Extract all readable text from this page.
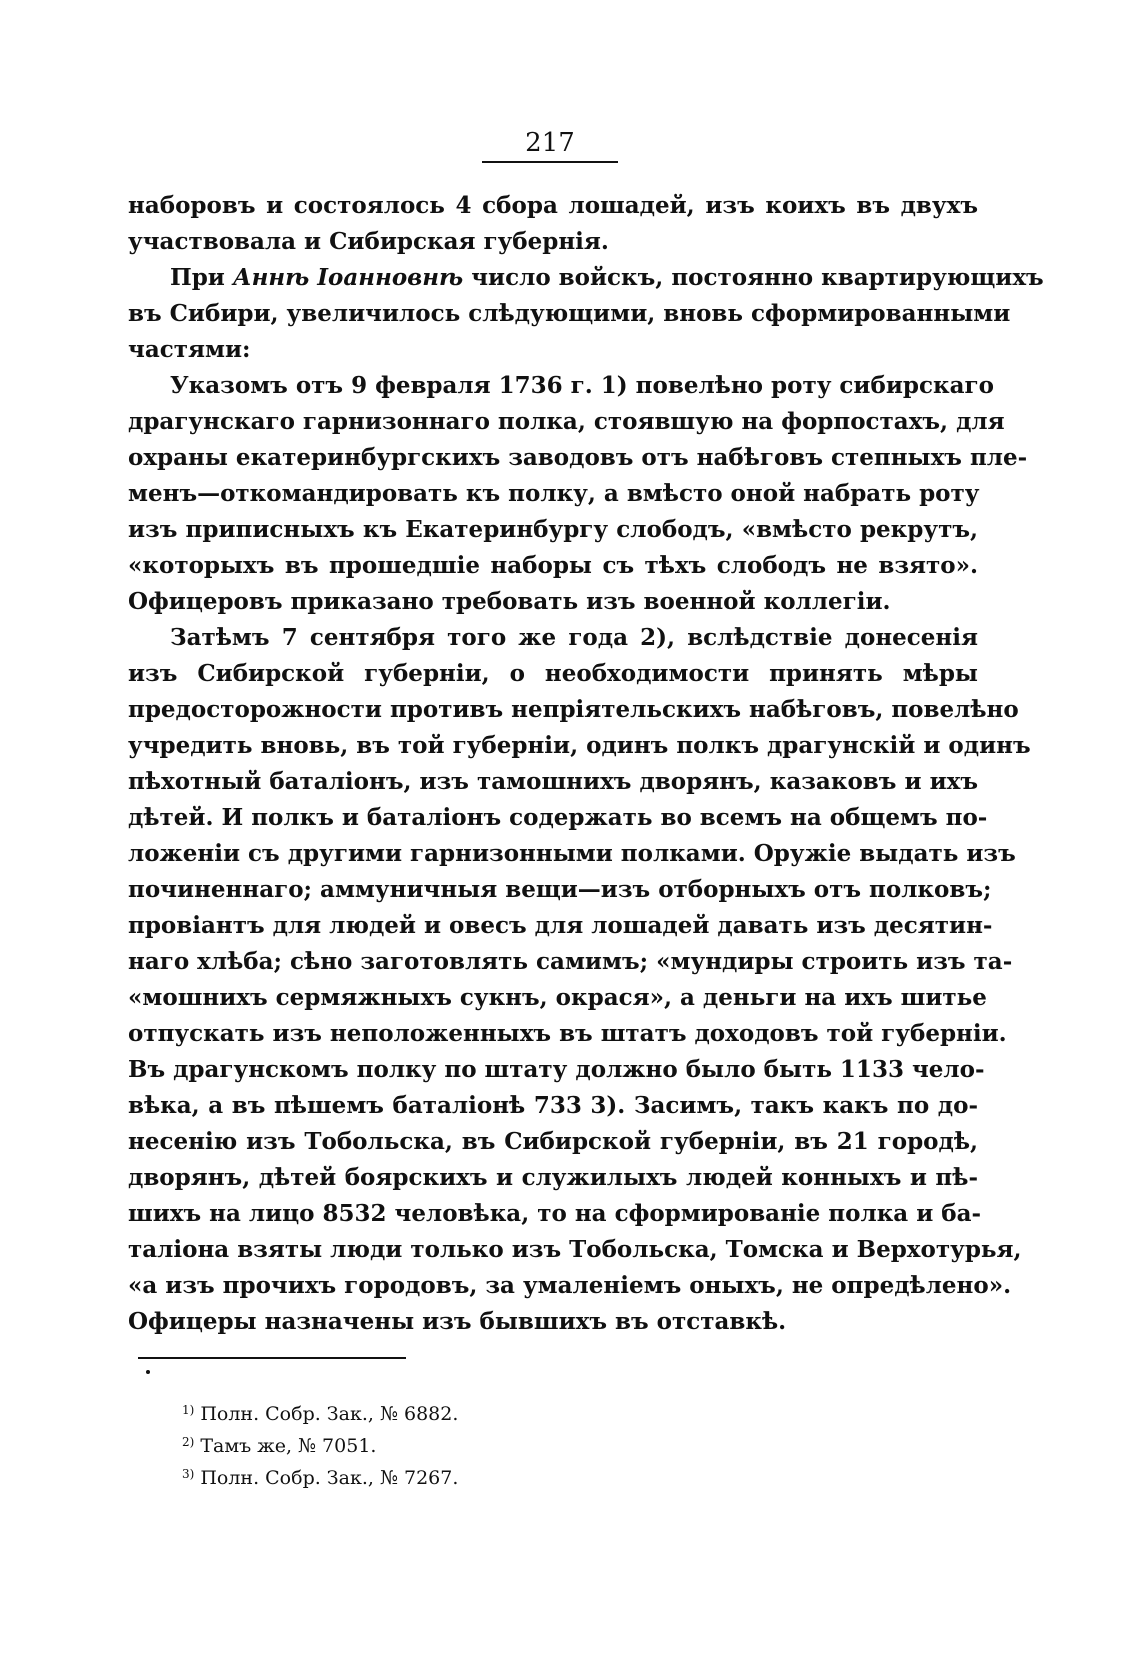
217
наборовъ и состоялось 4 сбора лошадей, изъ коихъ въ двухъ
участвовала и Сибирская губернія.
При Аннѣ Іоанновнѣ число войскъ, постоянно квартирующихъ
въ Сибири, увеличилось слѣдующими, вновь сформированными
частями:
Указомъ отъ 9 февраля 1736 г. 1) повелѣно роту сибирскаго
драгунскаго гарнизоннаго полка, стоявшую на форпостахъ, для
охраны екатеринбургскихъ заводовъ отъ набѣговъ степныхъ пле-
менъ—откомандировать къ полку, а вмѣсто оной набрать роту
изъ приписныхъ къ Екатеринбургу слободъ, «вмѣсто рекрутъ,
«которыхъ въ прошедшіе наборы съ тѣхъ слободъ не взято».
Офицеровъ приказано требовать изъ военной коллегіи.
Затѣмъ 7 сентября того же года 2), вслѣдствіе донесенія
изъ Сибирской губерніи, о необходимости принять мѣры
предосторожности противъ непріятельскихъ набѣговъ, повелѣно
учредить вновь, въ той губерніи, одинъ полкъ драгунскій и одинъ
пѣхотный баталіонъ, изъ тамошнихъ дворянъ, казаковъ и ихъ
дѣтей. И полкъ и баталіонъ содержать во всемъ на общемъ по-
ложеніи съ другими гарнизонными полками. Оружіе выдать изъ
починеннаго; аммуничныя вещи—изъ отборныхъ отъ полковъ;
провіантъ для людей и овесъ для лошадей давать изъ десятин-
наго хлѣба; сѣно заготовлять самимъ; «мундиры строить изъ та-
«мошнихъ сермяжныхъ сукнъ, окрася», а деньги на ихъ шитье
отпускать изъ неположенныхъ въ штатъ доходовъ той губерніи.
Въ драгунскомъ полку по штату должно было быть 1133 чело-
вѣка, а въ пѣшемъ баталіонѣ 733 3). Засимъ, такъ какъ по до-
несенію изъ Тобольска, въ Сибирской губерніи, въ 21 городѣ,
дворянъ, дѣтей боярскихъ и служилыхъ людей конныхъ и пѣ-
шихъ на лицо 8532 человѣка, то на сформированіе полка и ба-
таліона взяты люди только изъ Тобольска, Томска и Верхотурья,
«а изъ прочихъ городовъ, за умаленіемъ оныхъ, не опредѣлено».
Офицеры назначены изъ бывшихъ въ отставкѣ.
$^{1)}$ Полн. Собр. Зак., № 6882.
$^{2)}$ Тамъ же, № 7051.
$^{3)}$ Полн. Собр. Зак., № 7267.
